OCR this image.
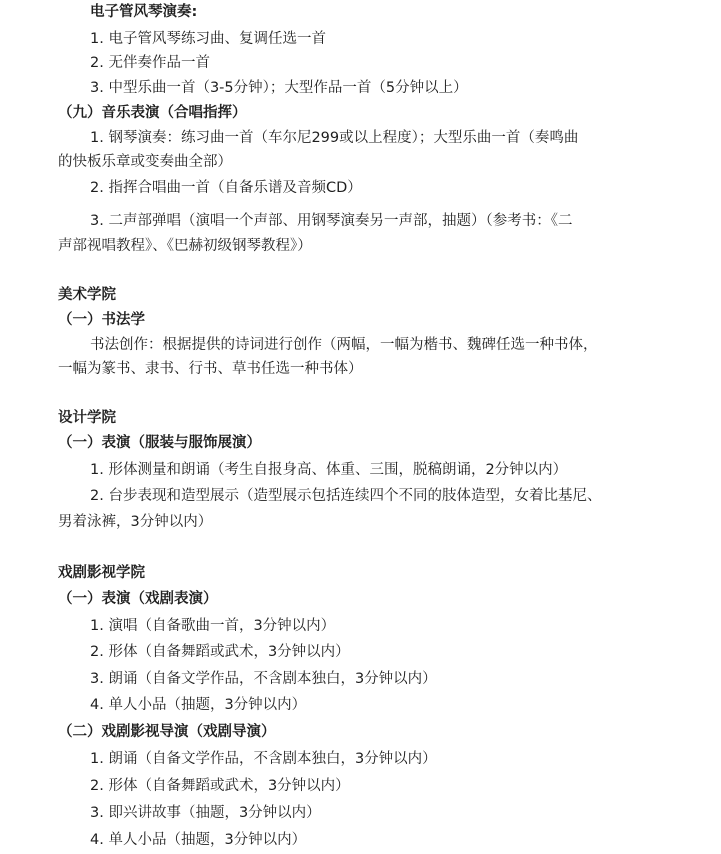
电子管风琴演奏:
1. 电子管风琴练习曲、复调任选一首
2. 无伴奏作品一首
3. 中型乐曲一首（3-5分钟）；大型作品一首（5分钟以上）
（九）音乐表演（合唱指挥）
1. 钢琴演奏：练习曲一首（车尔尼299或以上程度）；大型乐曲一首（奏鸣曲
的快板乐章或变奏曲全部）
2. 指挥合唱曲一首（自备乐谱及音频CD）
3. 二声部弹唱（演唱一个声部、用钢琴演奏另一声部，抽题）（参考书：《二
声部视唱教程》、《巴赫初级钢琴教程》）
美术学院
（一）书法学
书法创作：根据提供的诗词进行创作（两幅，一幅为楷书、魏碑任选一种书体，
一幅为篆书、隶书、行书、草书任选一种书体）
设计学院
（一）表演（服装与服饰展演）
1. 形体测量和朗诵（考生自报身高、体重、三围，脱稿朗诵，2分钟以内）
2. 台步表现和造型展示（造型展示包括连续四个不同的肢体造型，女着比基尼、
男着泳裤，3分钟以内）
戏剧影视学院
（一）表演（戏剧表演）
1. 演唱（自备歌曲一首，3分钟以内）
2. 形体（自备舞蹈或武术，3分钟以内）
3. 朗诵（自备文学作品，不含剧本独白，3分钟以内）
4. 单人小品（抽题，3分钟以内）
（二）戏剧影视导演（戏剧导演）
1. 朗诵（自备文学作品，不含剧本独白，3分钟以内）
2. 形体（自备舞蹈或武术，3分钟以内）
3. 即兴讲故事（抽题，3分钟以内）
4. 单人小品（抽题，3分钟以内）
